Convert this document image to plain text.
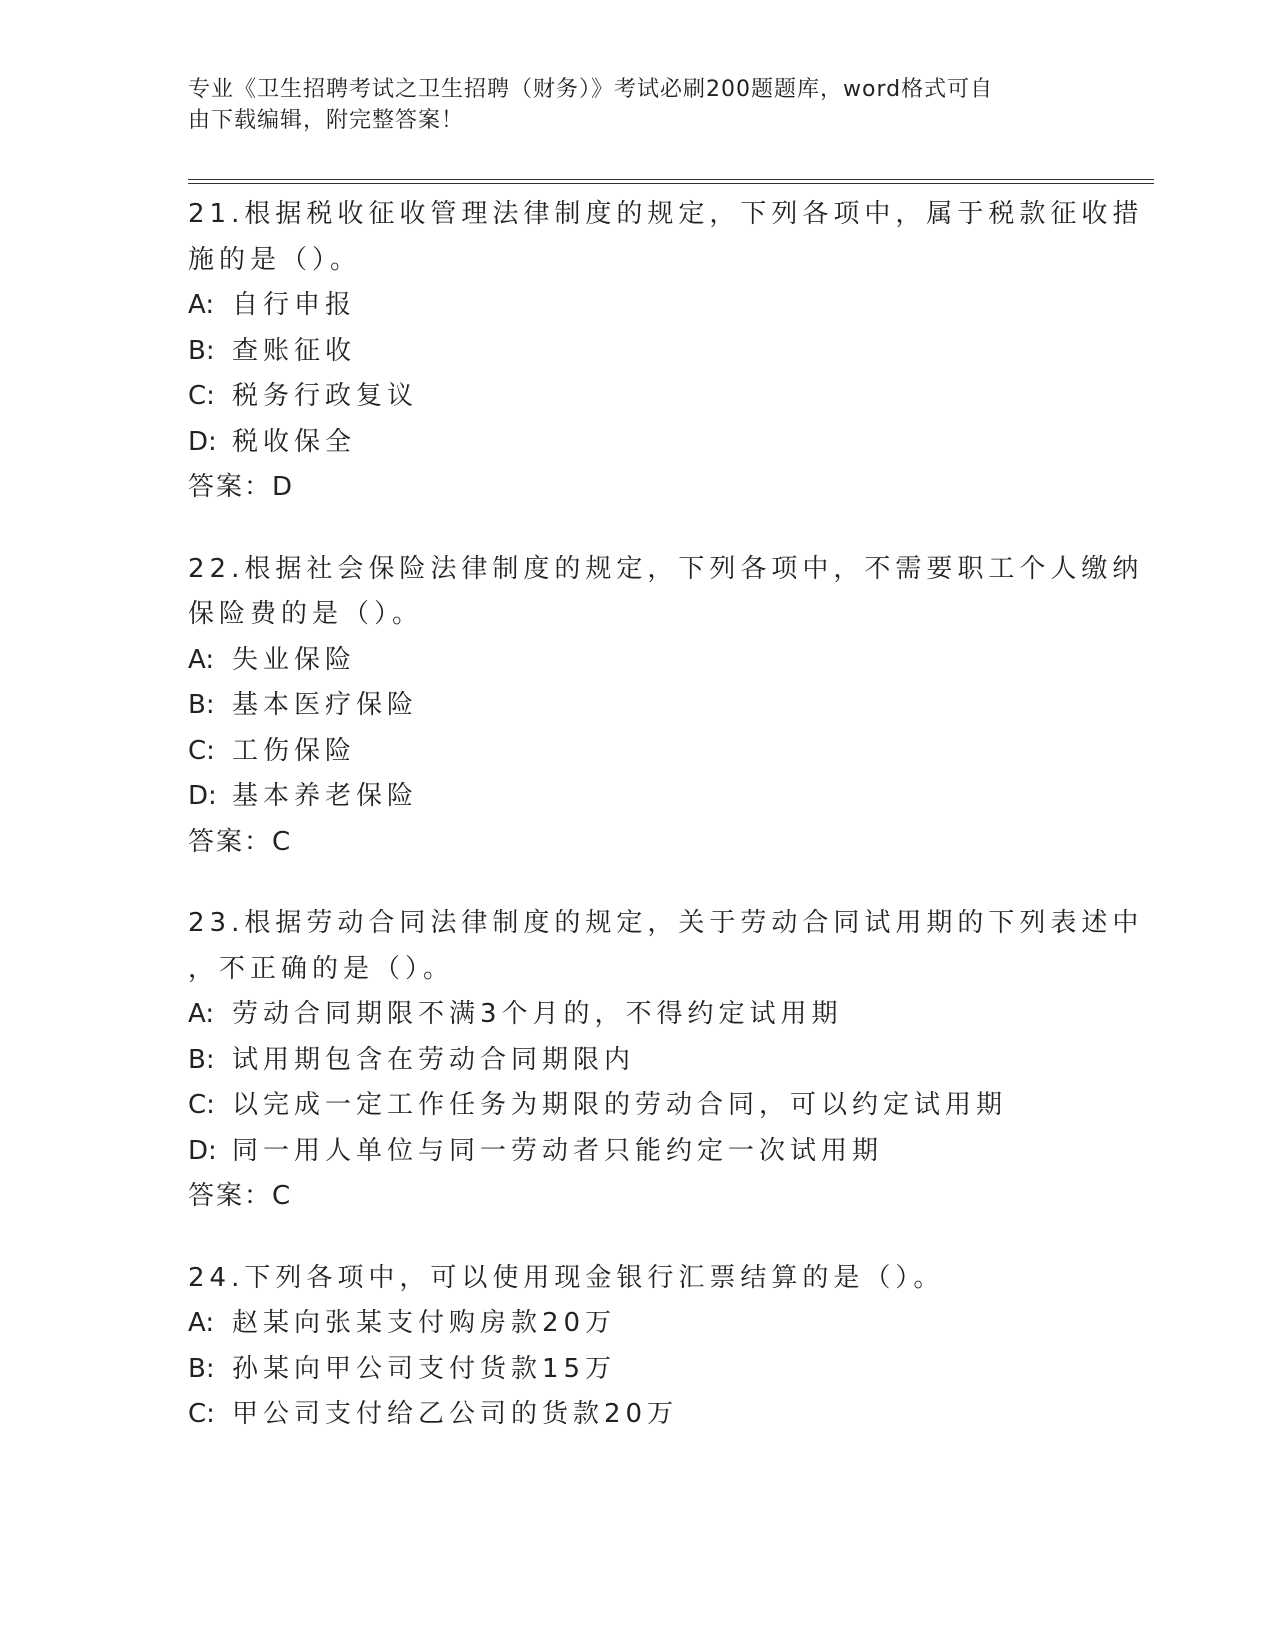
专业《卫生招聘考试之卫生招聘（财务）》考试必刷200题题库，word格式可自
由下载编辑，附完整答案！
21.根据税收征收管理法律制度的规定，下列各项中，属于税款征收措
施的是（）。
A: 自行申报
B: 查账征收
C: 税务行政复议
D: 税收保全
答案：D
22.根据社会保险法律制度的规定，下列各项中，不需要职工个人缴纳
保险费的是（）。
A: 失业保险
B: 基本医疗保险
C: 工伤保险
D: 基本养老保险
答案：C
23.根据劳动合同法律制度的规定，关于劳动合同试用期的下列表述中
，不正确的是（）。
A: 劳动合同期限不满3个月的，不得约定试用期
B: 试用期包含在劳动合同期限内
C: 以完成一定工作任务为期限的劳动合同，可以约定试用期
D: 同一用人单位与同一劳动者只能约定一次试用期
答案：C
24.下列各项中，可以使用现金银行汇票结算的是（）。
A: 赵某向张某支付购房款20万
B: 孙某向甲公司支付货款15万
C: 甲公司支付给乙公司的货款20万
